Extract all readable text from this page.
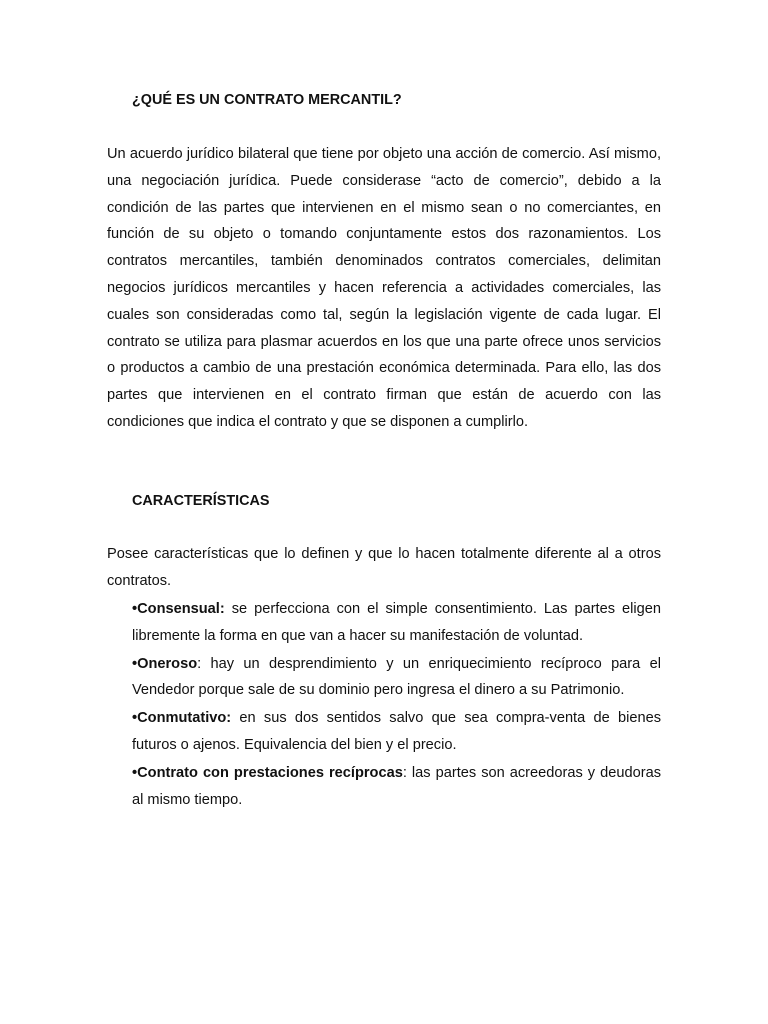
¿QUÉ ES UN CONTRATO MERCANTIL?

Un acuerdo jurídico bilateral que tiene por objeto una acción de comercio. Así mismo, una negociación jurídica. Puede considerase “acto de comercio”, debido a la condición de las partes que intervienen en el mismo sean o no comerciantes, en función de su objeto o tomando conjuntamente estos dos razonamientos. Los contratos mercantiles, también denominados contratos comerciales, delimitan negocios jurídicos mercantiles y hacen referencia a actividades comerciales, las cuales son consideradas como tal, según la legislación vigente de cada lugar. El contrato se utiliza para plasmar acuerdos en los que una parte ofrece unos servicios o productos a cambio de una prestación económica determinada. Para ello, las dos partes que intervienen en el contrato firman que están de acuerdo con las condiciones que indica el contrato y que se disponen a cumplirlo.

CARACTERÍSTICAS

Posee características que lo definen y que lo hacen totalmente diferente al a otros contratos.

•Consensual: se perfecciona con el simple consentimiento. Las partes eligen libremente la forma en que van a hacer su manifestación de voluntad.
•Oneroso: hay un desprendimiento y un enriquecimiento recíproco para el Vendedor porque sale de su dominio pero ingresa el dinero a su Patrimonio.
•Conmutativo: en sus dos sentidos salvo que sea compra-venta de bienes futuros o ajenos. Equivalencia del bien y el precio.
•Contrato con prestaciones recíprocas: las partes son acreedoras y deudoras al mismo tiempo.
